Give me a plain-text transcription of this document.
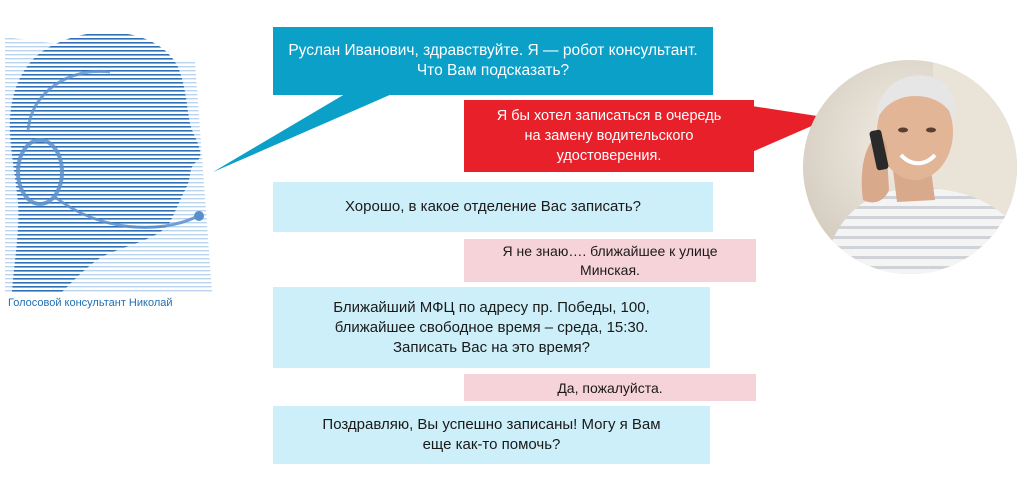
Голосовой консультант Николай
Руслан Иванович, здравствуйте. Я — робот консультант.
Что Вам подсказать?
Я бы хотел записаться в очередь
на замену водительского
удостоверения.
Хорошо, в какое отделение Вас записать?
Я не знаю…. ближайшее к улице
Минская.
Ближайший МФЦ по адресу пр. Победы, 100,
ближайшее свободное время – среда, 15:30.
Записать Вас на это время?
Да, пожалуйста.
Поздравляю, Вы успешно записаны! Могу я Вам
еще как-то помочь?
